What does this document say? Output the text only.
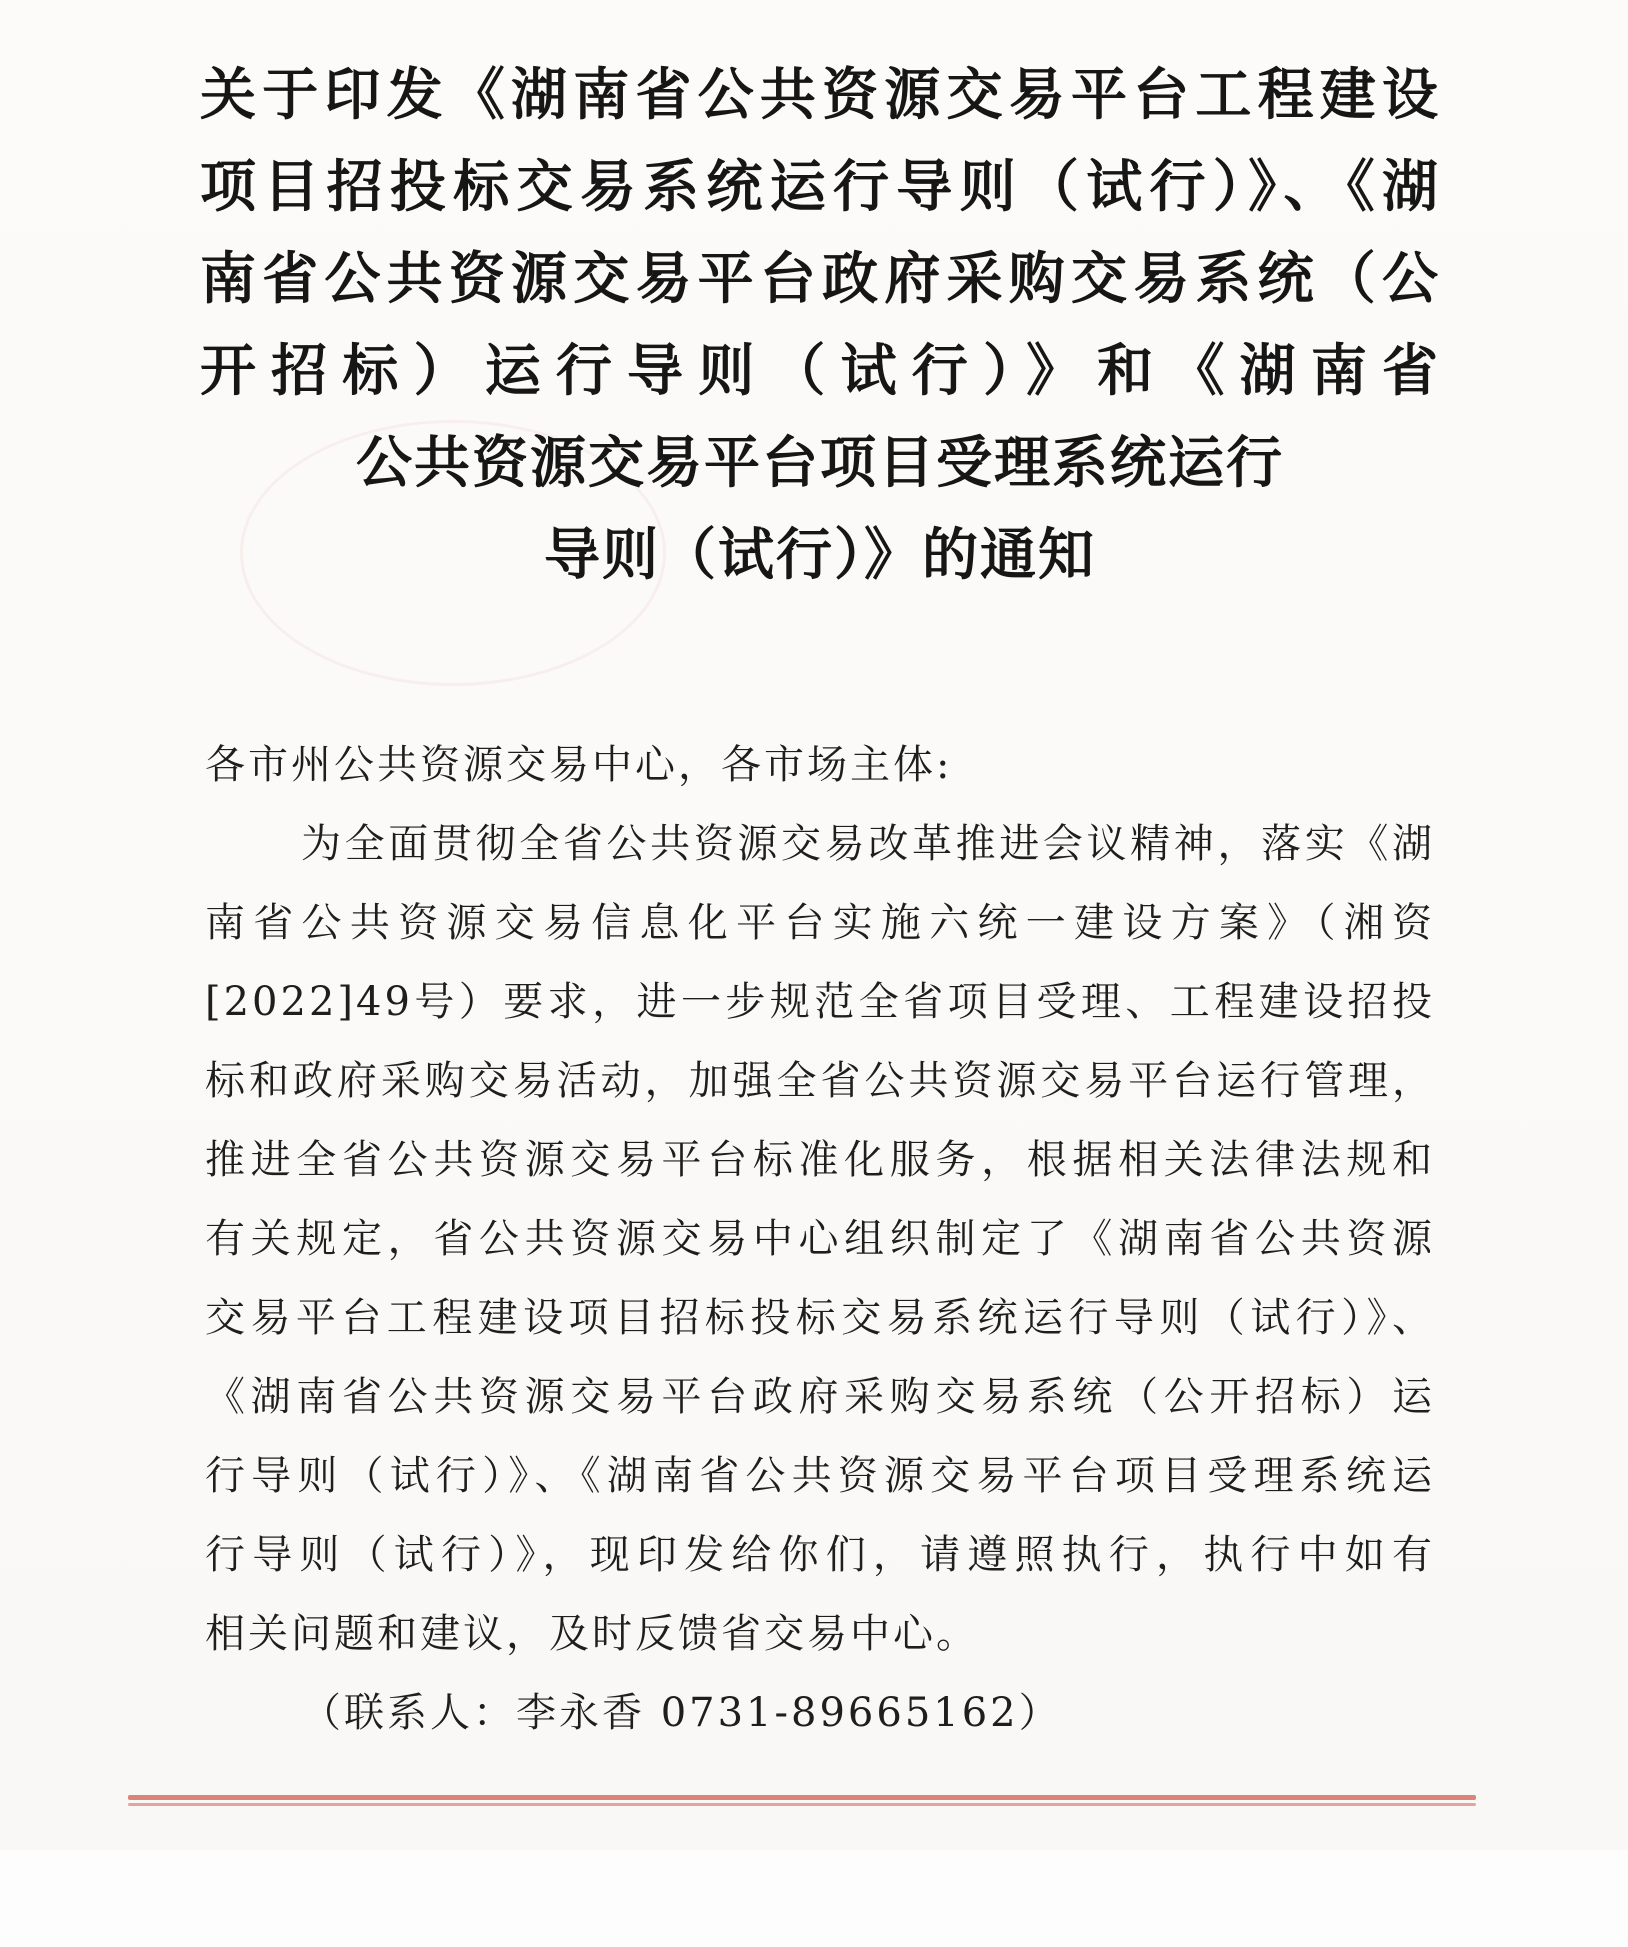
关于印发《湖南省公共资源交易平台工程建设
项目招投标交易系统运行导则（试行）》、《湖
南省公共资源交易平台政府采购交易系统（公
开招标）运行导则（试行）》和《湖南省
公共资源交易平台项目受理系统运行
导则（试行）》的通知
各市州公共资源交易中心，各市场主体:
为全面贯彻全省公共资源交易改革推进会议精神，落实《湖
南省公共资源交易信息化平台实施六统一建设方案》（湘资
[2022]49号）要求，进一步规范全省项目受理、工程建设招投
标和政府采购交易活动，加强全省公共资源交易平台运行管理，
推进全省公共资源交易平台标准化服务，根据相关法律法规和
有关规定，省公共资源交易中心组织制定了《湖南省公共资源
交易平台工程建设项目招标投标交易系统运行导则（试行）》、
《湖南省公共资源交易平台政府采购交易系统（公开招标）运
行导则（试行）》、《湖南省公共资源交易平台项目受理系统运
行导则（试行）》，现印发给你们，请遵照执行，执行中如有
相关问题和建议，及时反馈省交易中心。
（联系人：李永香 0731-89665162）
